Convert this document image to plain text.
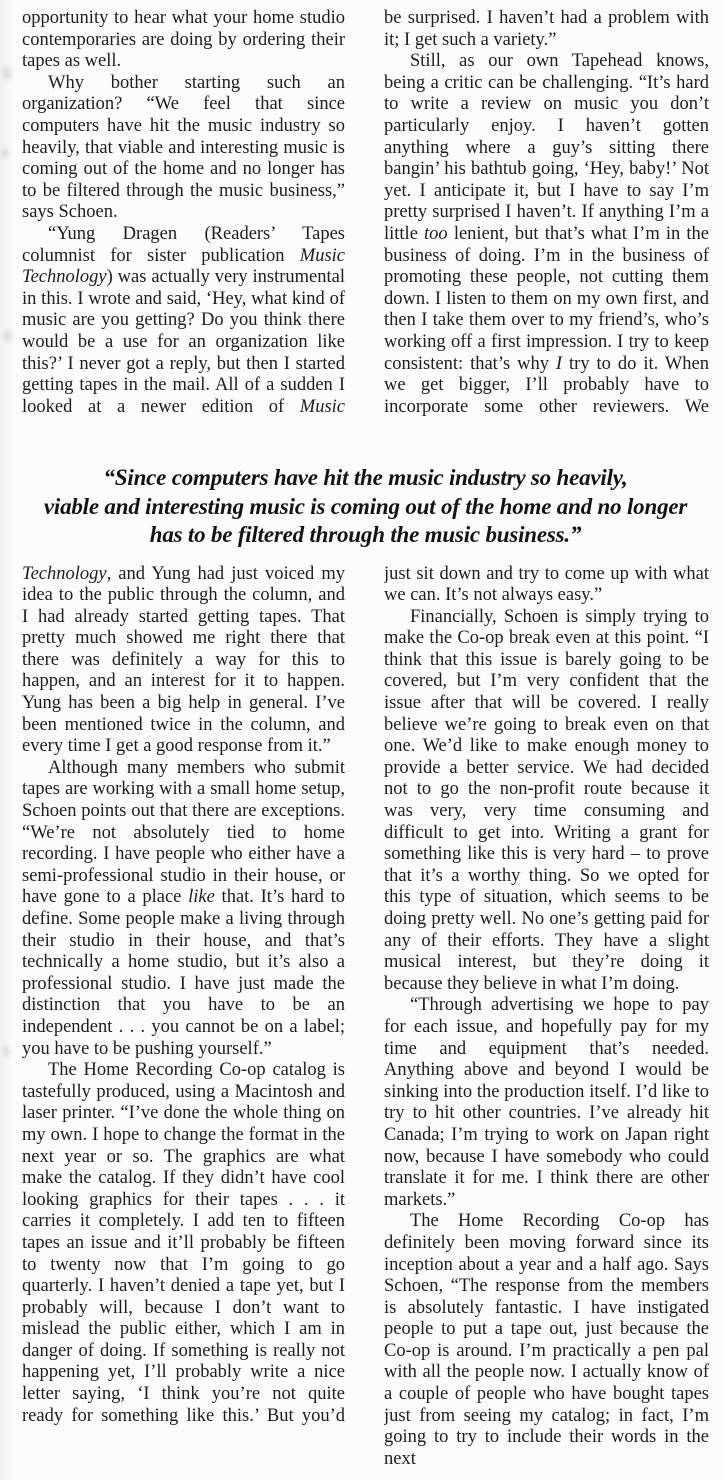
opportunity to hear what your home studio contemporaries are doing by ordering their tapes as well.

Why bother starting such an organization? “We feel that since computers have hit the music industry so heavily, that viable and interesting music is coming out of the home and no longer has to be filtered through the music business,” says Schoen.

“Yung Dragen (Readers’ Tapes columnist for sister publication Music Technology) was actually very instrumental in this. I wrote and said, ‘Hey, what kind of music are you getting? Do you think there would be a use for an organization like this?’ I never got a reply, but then I started getting tapes in the mail. All of a sudden I looked at a newer edition of Music

be surprised. I haven’t had a problem with it; I get such a variety.”

Still, as our own Tapehead knows, being a critic can be challenging. “It’s hard to write a review on music you don’t particularly enjoy. I haven’t gotten anything where a guy’s sitting there bangin’ his bathtub going, ‘Hey, baby!’ Not yet. I anticipate it, but I have to say I’m pretty surprised I haven’t. If anything I’m a little too lenient, but that’s what I’m in the business of doing. I’m in the business of promoting these people, not cutting them down. I listen to them on my own first, and then I take them over to my friend’s, who’s working off a first impression. I try to keep consistent: that’s why I try to do it. When we get bigger, I’ll probably have to incorporate some other reviewers. We

“Since computers have hit the music industry so heavily,
viable and interesting music is coming out of the home and no longer
has to be filtered through the music business.”

Technology, and Yung had just voiced my idea to the public through the column, and I had already started getting tapes. That pretty much showed me right there that there was definitely a way for this to happen, and an interest for it to happen. Yung has been a big help in general. I’ve been mentioned twice in the column, and every time I get a good response from it.”

Although many members who submit tapes are working with a small home setup, Schoen points out that there are exceptions. “We’re not absolutely tied to home recording. I have people who either have a semi-professional studio in their house, or have gone to a place like that. It’s hard to define. Some people make a living through their studio in their house, and that’s technically a home studio, but it’s also a professional studio. I have just made the distinction that you have to be an independent . . . you cannot be on a label; you have to be pushing yourself.”

The Home Recording Co-op catalog is tastefully produced, using a Macintosh and laser printer. “I’ve done the whole thing on my own. I hope to change the format in the next year or so. The graphics are what make the catalog. If they didn’t have cool looking graphics for their tapes . . . it carries it completely. I add ten to fifteen tapes an issue and it’ll probably be fifteen to twenty now that I’m going to go quarterly. I haven’t denied a tape yet, but I probably will, because I don’t want to mislead the public either, which I am in danger of doing. If something is really not happening yet, I’ll probably write a nice letter saying, ‘I think you’re not quite ready for something like this.’ But you’d

just sit down and try to come up with what we can. It’s not always easy.”

Financially, Schoen is simply trying to make the Co-op break even at this point. “I think that this issue is barely going to be covered, but I’m very confident that the issue after that will be covered. I really believe we’re going to break even on that one. We’d like to make enough money to provide a better service. We had decided not to go the non-profit route because it was very, very time consuming and difficult to get into. Writing a grant for something like this is very hard – to prove that it’s a worthy thing. So we opted for this type of situation, which seems to be doing pretty well. No one’s getting paid for any of their efforts. They have a slight musical interest, but they’re doing it because they believe in what I’m doing.

“Through advertising we hope to pay for each issue, and hopefully pay for my time and equipment that’s needed. Anything above and beyond I would be sinking into the production itself. I’d like to try to hit other countries. I’ve already hit Canada; I’m trying to work on Japan right now, because I have somebody who could translate it for me. I think there are other markets.”

The Home Recording Co-op has definitely been moving forward since its inception about a year and a half ago. Says Schoen, “The response from the members is absolutely fantastic. I have instigated people to put a tape out, just because the Co-op is around. I’m practically a pen pal with all the people now. I actually know of a couple of people who have bought tapes just from seeing my catalog; in fact, I’m going to try to include their words in the next
